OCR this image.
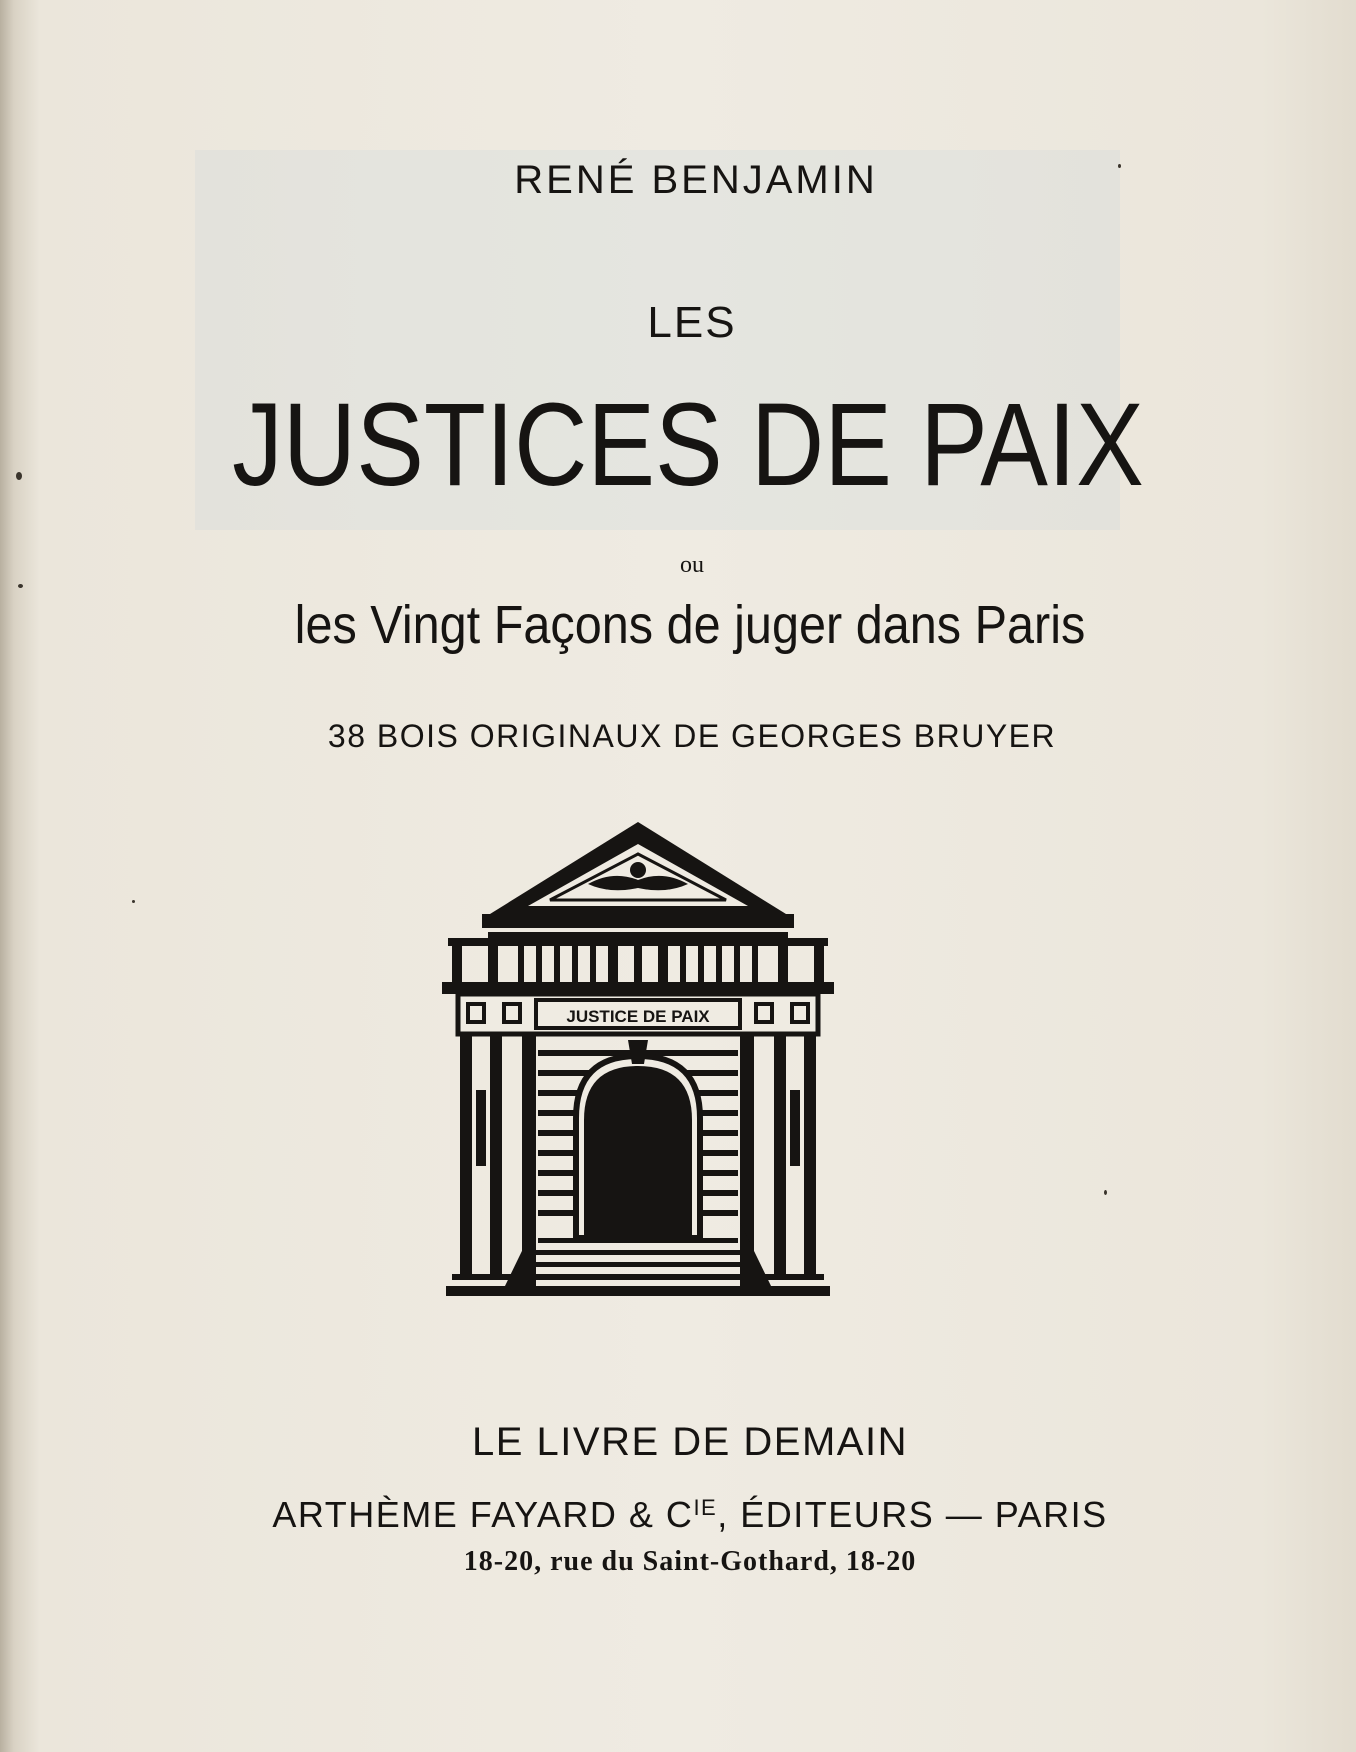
RENÉ BENJAMIN
LES
JUSTICES DE PAIX
ou
les Vingt Façons de juger dans Paris
38 BOIS ORIGINAUX DE GEORGES BRUYER
JUSTICE DE PAIX
LE LIVRE DE DEMAIN
ARTHÈME FAYARD & $C^{IE}$, ÉDITEURS — PARIS
18-20, rue du Saint-Gothard, 18-20
